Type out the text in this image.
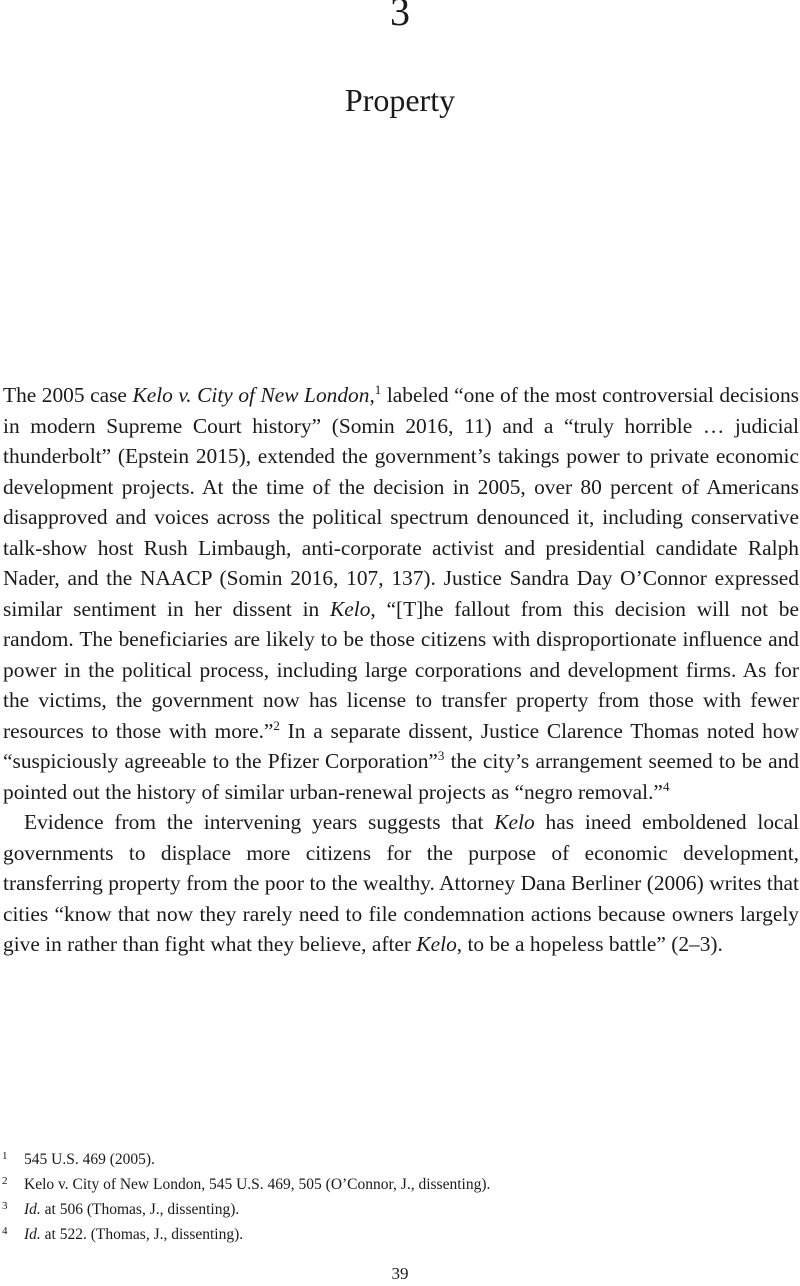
3
Property

The 2005 case Kelo v. City of New London,$^1$ labeled “one of the most controversial decisions in modern Supreme Court history” (Somin 2016, 11) and a “truly horrible … judicial thunderbolt” (Epstein 2015), extended the government’s takings power to private economic development projects. At the time of the decision in 2005, over 80 percent of Americans disapproved and voices across the political spectrum denounced it, including conservative talk-show host Rush Limbaugh, anti-corporate activist and presidential candidate Ralph Nader, and the NAACP (Somin 2016, 107, 137). Justice Sandra Day O’Connor expressed similar sentiment in her dissent in Kelo, “[T]he fallout from this decision will not be random. The beneficiaries are likely to be those citizens with disproportionate influence and power in the political process, including large corporations and development firms. As for the victims, the government now has license to transfer property from those with fewer resources to those with more.”$^2$ In a separate dissent, Justice Clarence Thomas noted how “suspiciously agreeable to the Pfizer Corporation”$^3$ the city’s arrangement seemed to be and pointed out the history of similar urban-renewal projects as “negro removal.”$^4$

Evidence from the intervening years suggests that Kelo has ineed emboldened local governments to displace more citizens for the purpose of economic development, transferring property from the poor to the wealthy. Attorney Dana Berliner (2006) writes that cities “know that now they rarely need to file condemnation actions because owners largely give in rather than fight what they believe, after Kelo, to be a hopeless battle” (2–3).

1	545 U.S. 469 (2005).
2	Kelo v. City of New London, 545 U.S. 469, 505 (O’Connor, J., dissenting).
3	Id. at 506 (Thomas, J., dissenting).
4	Id. at 522. (Thomas, J., dissenting).
39
